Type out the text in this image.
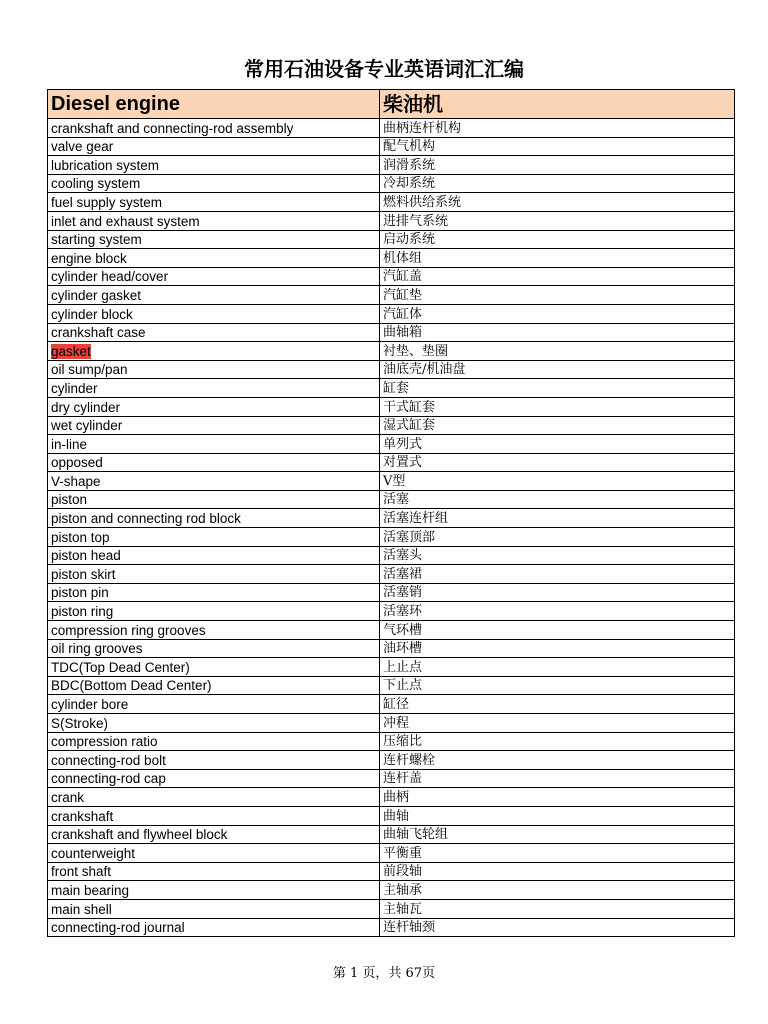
常用石油设备专业英语词汇汇编
Diesel engine	柴油机
crankshaft and connecting-rod assembly	曲柄连杆机构
valve gear	配气机构
lubrication system	润滑系统
cooling system	冷却系统
fuel supply system	燃料供给系统
inlet and exhaust system	进排气系统
starting system	启动系统
engine block	机体组
cylinder head/cover	汽缸盖
cylinder gasket	汽缸垫
cylinder block	汽缸体
crankshaft case	曲轴箱
gasket	衬垫、垫圈
oil sump/pan	油底壳/机油盘
cylinder	缸套
dry cylinder	干式缸套
wet cylinder	湿式缸套
in-line	单列式
opposed	对置式
V-shape	V型
piston	活塞
piston and connecting rod block	活塞连杆组
piston top	活塞顶部
piston head	活塞头
piston skirt	活塞裙
piston pin	活塞销
piston ring	活塞环
compression ring grooves	气环槽
oil ring grooves	油环槽
TDC(Top Dead Center)	上止点
BDC(Bottom Dead Center)	下止点
cylinder bore	缸径
S(Stroke)	冲程
compression ratio	压缩比
connecting-rod bolt	连杆螺栓
connecting-rod cap	连杆盖
crank	曲柄
crankshaft	曲轴
crankshaft and flywheel block	曲轴飞轮组
counterweight	平衡重
front shaft	前段轴
main bearing	主轴承
main shell	主轴瓦
connecting-rod journal	连杆轴颈
第 1 页，共 67页
